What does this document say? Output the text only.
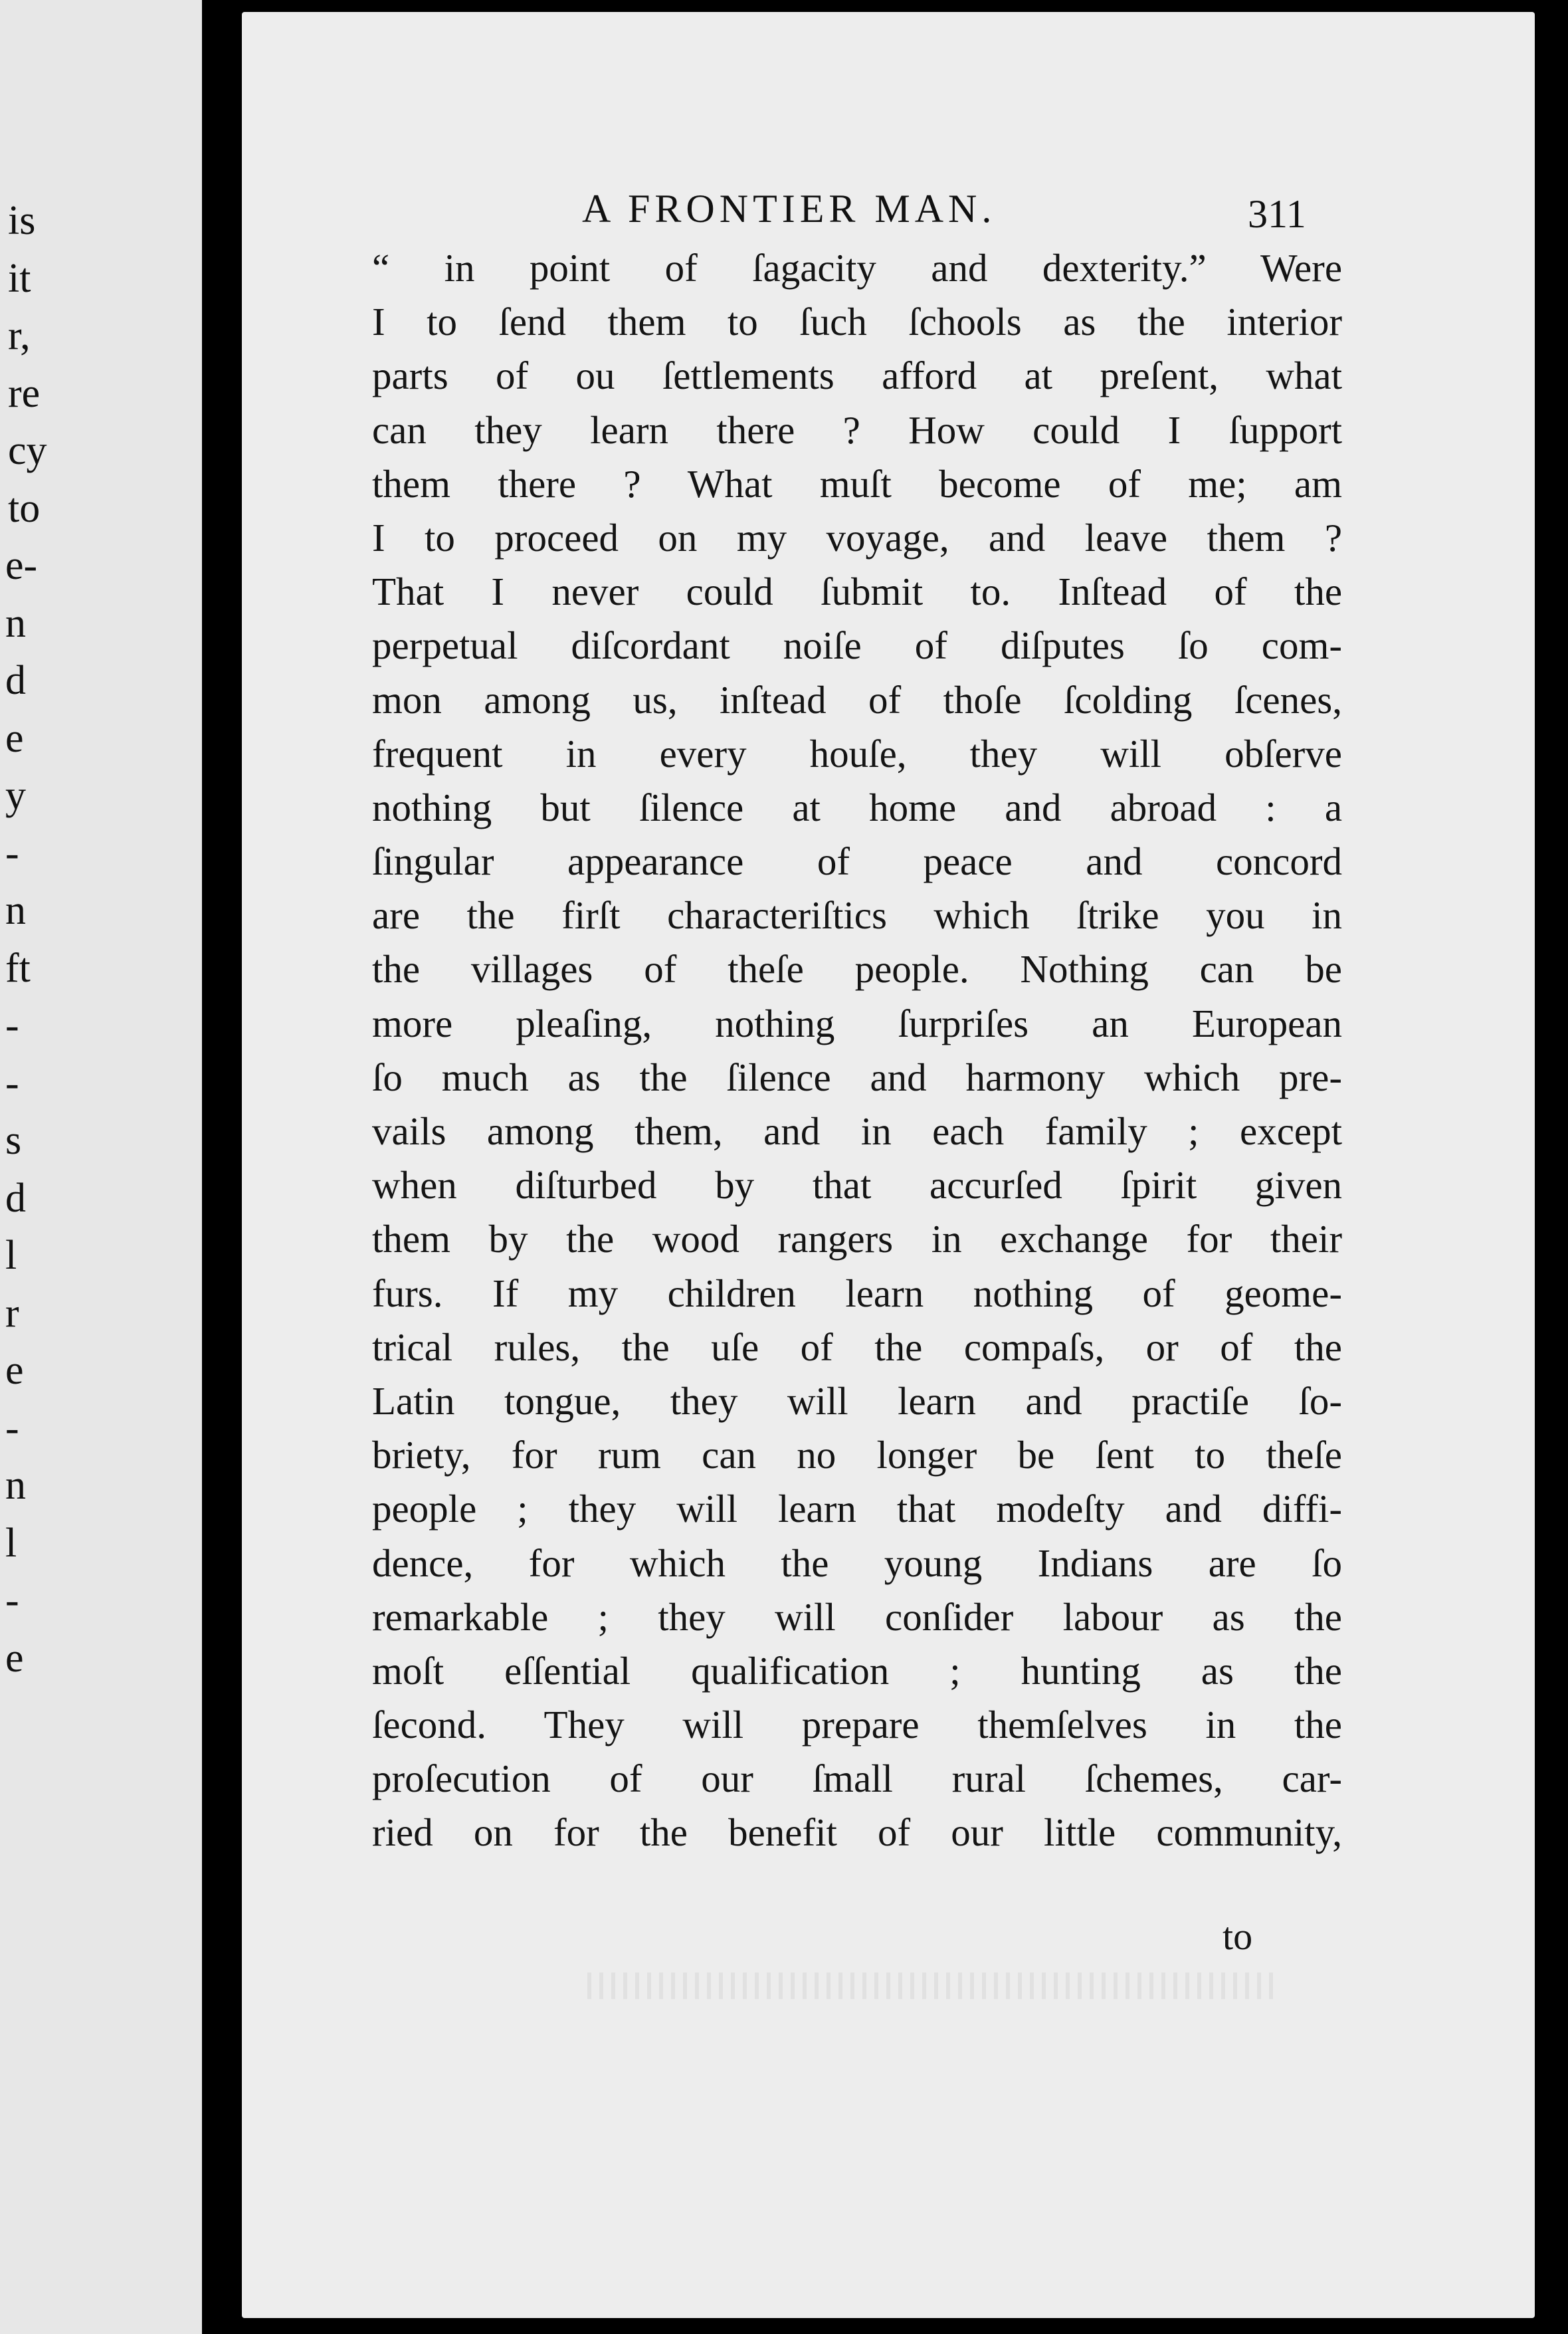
is
it
r,
re
cy
to
e-
n
d
e
y
-
n
ft
-
-
s
d
l
r
e
-
n
l
-
e
A FRONTIER MAN.	311
“ in point of ſagacity and dexterity.” Were
I to ſend them to ſuch ſchools as the interior
parts of ou ſettlements afford at preſent, what
can they learn there ? How could I ſupport
them there ? What muſt become of me; am
I to proceed on my voyage, and leave them ?
That I never could ſubmit to. Inſtead of the
perpetual diſcordant noiſe of diſputes ſo com-
mon among us, inſtead of thoſe ſcolding ſcenes,
frequent in every houſe, they will obſerve
nothing but ſilence at home and abroad : a
ſingular appearance of peace and concord
are the firſt characteriſtics which ſtrike you in
the villages of theſe people. Nothing can be
more pleaſing, nothing ſurpriſes an European
ſo much as the ſilence and harmony which pre-
vails among them, and in each family ; except
when diſturbed by that accurſed ſpirit given
them by the wood rangers in exchange for their
furs. If my children learn nothing of geome-
trical rules, the uſe of the compaſs, or of the
Latin tongue, they will learn and practiſe ſo-
briety, for rum can no longer be ſent to theſe
people ; they will learn that modeſty and diffi-
dence, for which the young Indians are ſo
remarkable ; they will conſider labour as the
moſt eſſential qualification ; hunting as the
ſecond. They will prepare themſelves in the
proſecution of our ſmall rural ſchemes, car-
ried on for the benefit of our little community,
to
